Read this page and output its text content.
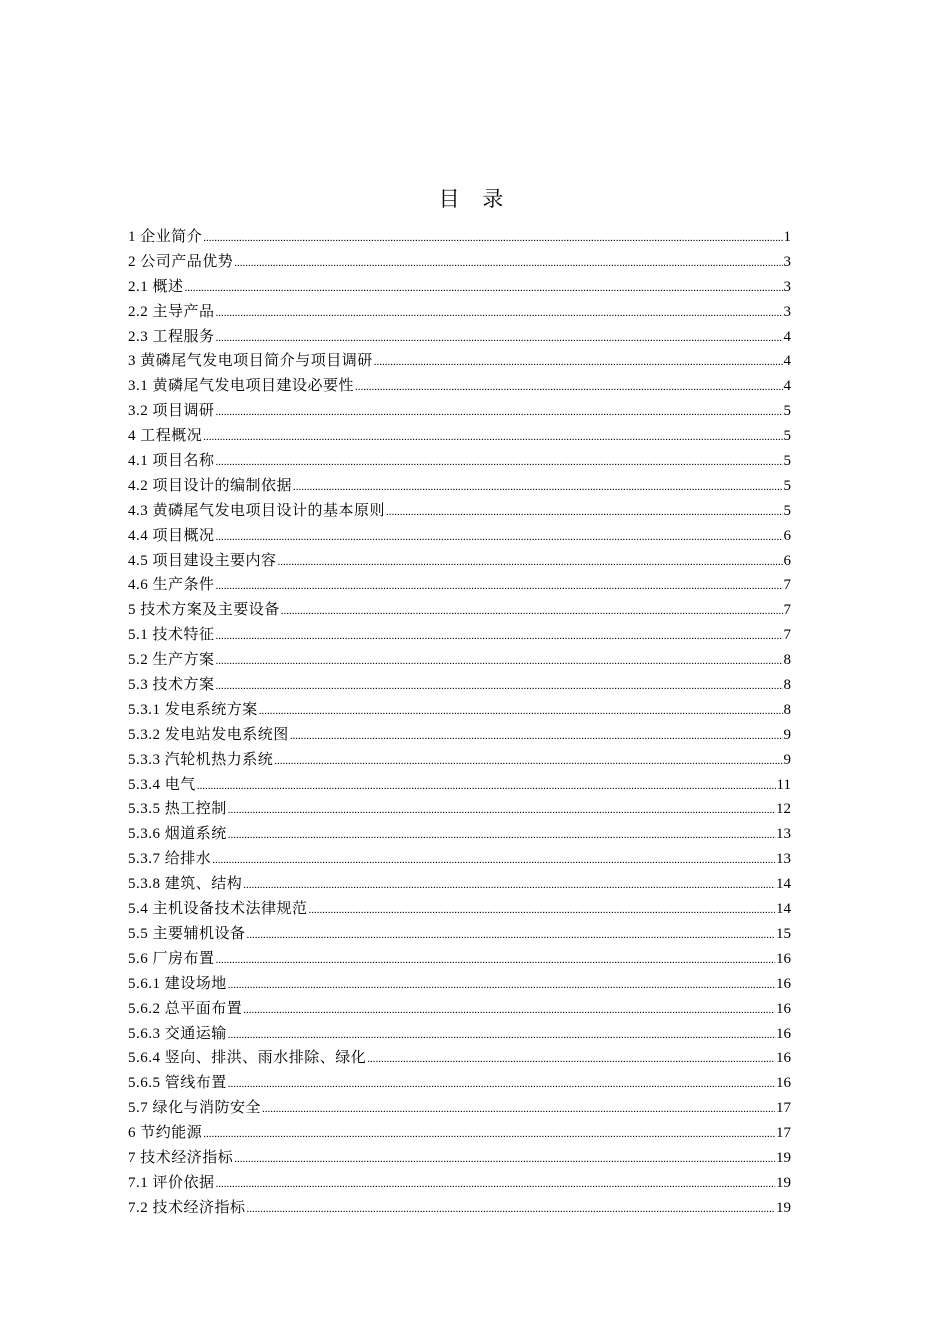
目 录
1 企业简介 .....	1
2 公司产品优势 .....	3
2.1 概述 .....	3
2.2 主导产品 .....	3
2.3 工程服务 .....	4
3 黄磷尾气发电项目简介与项目调研 .....	4
3.1 黄磷尾气发电项目建设必要性 .....	4
3.2 项目调研 .....	5
4 工程概况 .....	5
4.1 项目名称 .....	5
4.2 项目设计的编制依据 .....	5
4.3 黄磷尾气发电项目设计的基本原则 .....	5
4.4 项目概况 .....	6
4.5 项目建设主要内容 .....	6
4.6 生产条件 .....	7
5 技术方案及主要设备 .....	7
5.1 技术特征 .....	7
5.2 生产方案 .....	8
5.3 技术方案 .....	8
5.3.1 发电系统方案 .....	8
5.3.2 发电站发电系统图 .....	9
5.3.3 汽轮机热力系统 .....	9
5.3.4 电气 .....	11
5.3.5 热工控制 .....	12
5.3.6 烟道系统 .....	13
5.3.7 给排水 .....	13
5.3.8 建筑、结构 .....	14
5.4 主机设备技术法律规范 .....	14
5.5 主要辅机设备 .....	15
5.6 厂房布置 .....	16
5.6.1 建设场地 .....	16
5.6.2 总平面布置 .....	16
5.6.3 交通运输 .....	16
5.6.4 竖向、排洪、雨水排除、绿化 .....	16
5.6.5 管线布置 .....	16
5.7 绿化与消防安全 .....	17
6 节约能源 .....	17
7 技术经济指标 .....	19
7.1 评价依据 .....	19
7.2 技术经济指标 .....	19
